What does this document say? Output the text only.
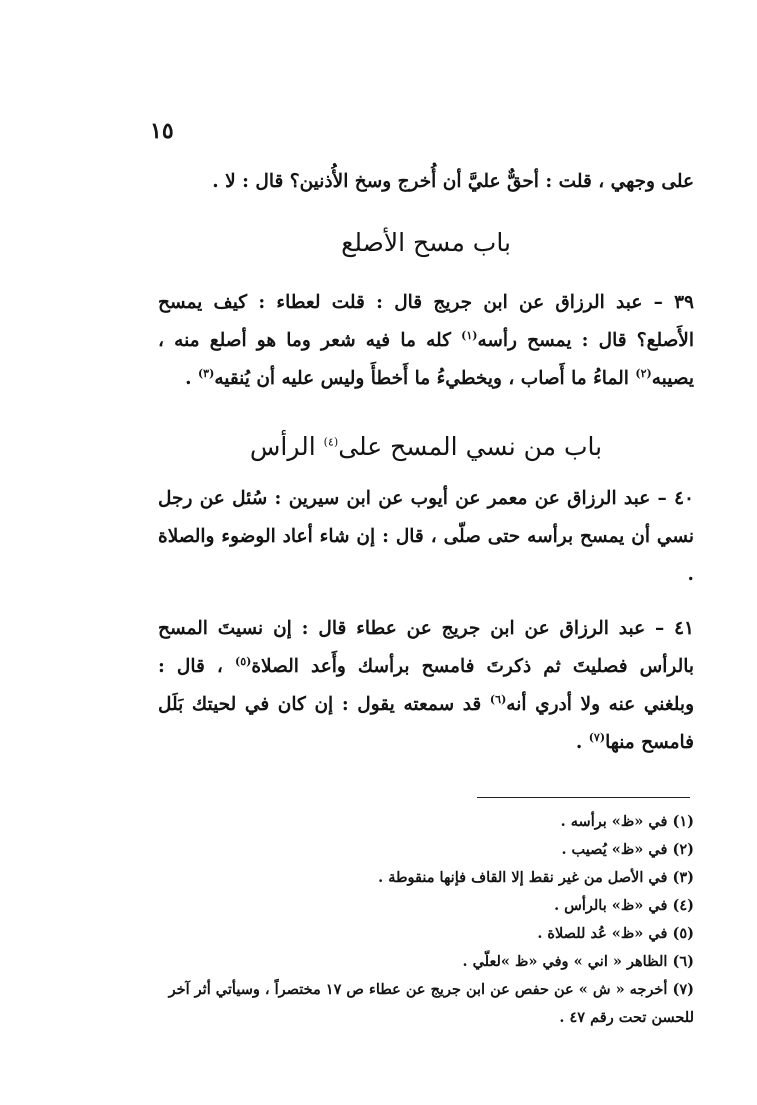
١٥
على وجهي ، قلت : أحقٌّ عليَّ أن أُخرج وسخ الأُذنين؟ قال : لا .
باب مسح الأصلع
٣٩ – عبد الرزاق عن ابن جريج قال : قلت لعطاء : كيف يمسح الأَصلع؟ قال : يمسح رأسه$^{(١)}$ كله ما فيه شعر وما هو أصلع منه ، يصيبه$^{(٢)}$ الماءُ ما أَصاب ، ويخطيءُ ما أَخطأَ وليس عليه أن يُنقيه$^{(٣)}$ .
باب من نسي المسح على$^{(٤)}$ الرأس
٤٠ – عبد الرزاق عن معمر عن أيوب عن ابن سيرين : سُئل عن رجل نسي أن يمسح برأسه حتى صلّى ، قال : إن شاء أعاد الوضوء والصلاة .
٤١ – عبد الرزاق عن ابن جريج عن عطاء قال : إن نسيتَ المسح بالرأس فصليتَ ثم ذكرتَ فامسح برأسك وأَعد الصلاة$^{(٥)}$ ، قال : وبلغني عنه ولا أدري أنه$^{(٦)}$ قد سمعته يقول : إن كان في لحيتك بَلَل فامسح منها$^{(٧)}$ .
(١) في «ظ» برأسه .
(٢) في «ظ» يُصيب .
(٣) في الأصل من غير نقط إلا القاف فإنها منقوطة .
(٤) في «ظ» بالرأس .
(٥) في «ظ» عُد للصلاة .
(٦) الظاهر « اني » وفي «ظ »لعلّي .
(٧) أخرجه « ش » عن حفص عن ابن جريج عن عطاء ص ١٧ مختصراً ، وسيأتي أثر آخر للحسن تحت رقم ٤٧ .
